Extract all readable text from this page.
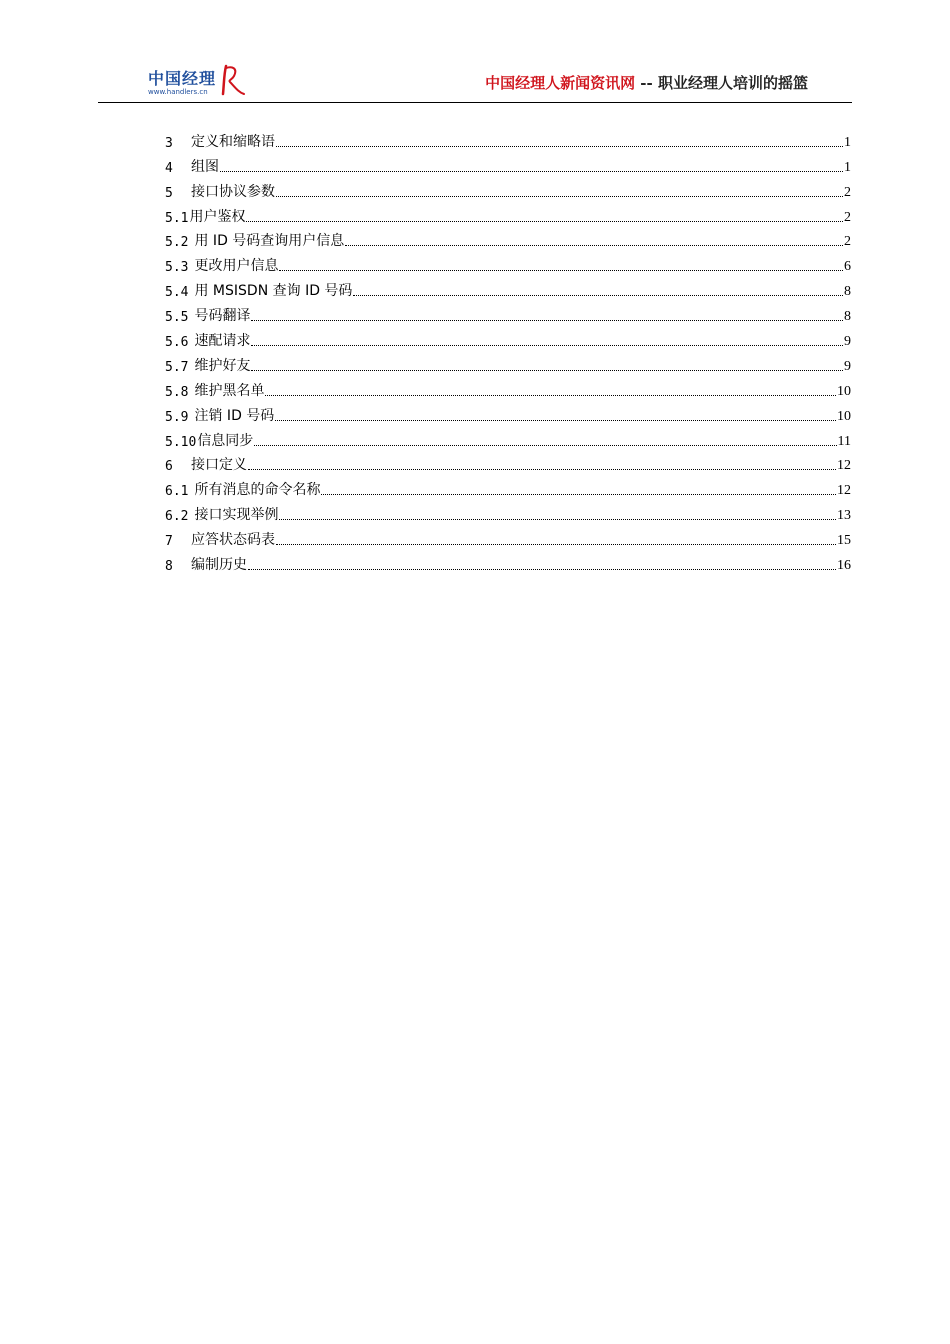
中国经理
www.handlers.cn	中国经理人新闻资讯网 -- 职业经理人培训的摇篮
3	定义和缩略语	1
4	组图	1
5	接口协议参数	2
5.1 用户鉴权	2
5.2 用 ID 号码查询用户信息	2
5.3 更改用户信息	6
5.4 用 MSISDN 查询 ID 号码	8
5.5 号码翻译	8
5.6 速配请求	9
5.7 维护好友	9
5.8 维护黑名单	10
5.9 注销 ID 号码	10
5.10 信息同步	11
6	接口定义	12
6.1 所有消息的命令名称	12
6.2 接口实现举例	13
7	应答状态码表	15
8	编制历史	16
